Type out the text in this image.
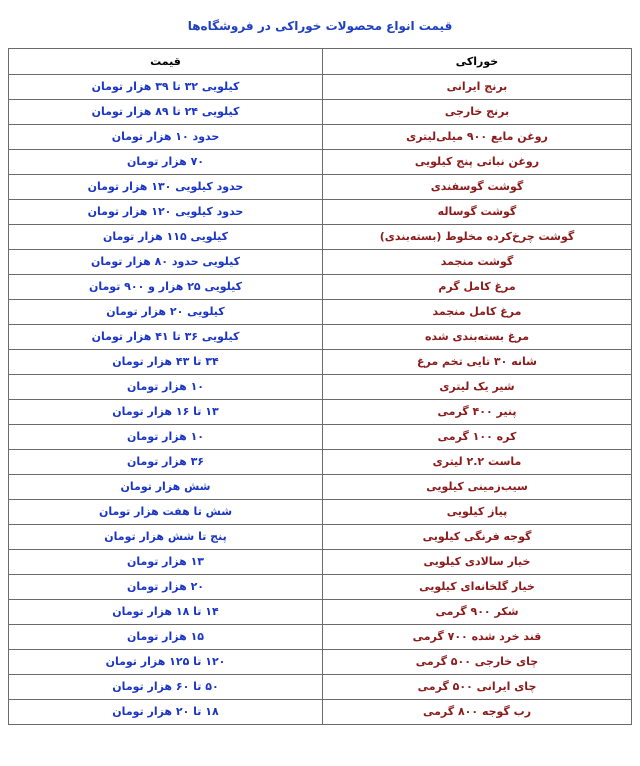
قیمت انواع محصولات خوراکی در فروشگاه‌ها
خوراکی	قیمت
برنج ایرانی	کیلویی ۳۲ تا ۳۹ هزار تومان
برنج خارجی	کیلویی ۲۴ تا ۸۹ هزار تومان
روغن مایع ۹۰۰ میلی‌لیتری	حدود ۱۰ هزار تومان
روغن نباتی پنج کیلویی	۷۰ هزار تومان
گوشت گوسفندی	حدود کیلویی ۱۳۰ هزار تومان
گوشت گوساله	حدود کیلویی ۱۲۰ هزار تومان
گوشت چرخ‌کرده مخلوط (بسته‌بندی)	کیلویی ۱۱۵ هزار تومان
گوشت منجمد	کیلویی حدود ۸۰ هزار تومان
مرغ کامل گرم	کیلویی ۲۵ هزار و ۹۰۰ تومان
مرغ کامل منجمد	کیلویی ۲۰ هزار تومان
مرغ بسته‌بندی شده	کیلویی ۳۶ تا ۴۱ هزار تومان
شانه ۳۰ تایی تخم مرغ	۳۴ تا ۴۳ هزار تومان
شیر یک لیتری	۱۰ هزار تومان
پنیر ۴۰۰ گرمی	۱۳ تا ۱۶ هزار تومان
کره ۱۰۰ گرمی	۱۰ هزار تومان
ماست ۲.۲ لیتری	۳۶ هزار تومان
سیب‌زمینی کیلویی	شش هزار تومان
پیاز کیلویی	شش تا هفت هزار تومان
گوجه فرنگی کیلویی	پنج تا شش هزار تومان
خیار سالادی کیلویی	۱۳ هزار تومان
خیار گلخانه‌ای کیلویی	۲۰ هزار تومان
شکر ۹۰۰ گرمی	۱۴ تا ۱۸ هزار تومان
قند خرد شده ۷۰۰ گرمی	۱۵ هزار تومان
چای خارجی ۵۰۰ گرمی	۱۲۰ تا ۱۲۵ هزار تومان
چای ایرانی ۵۰۰ گرمی	۵۰ تا ۶۰ هزار تومان
رب گوجه ۸۰۰ گرمی	۱۸ تا ۲۰ هزار تومان
